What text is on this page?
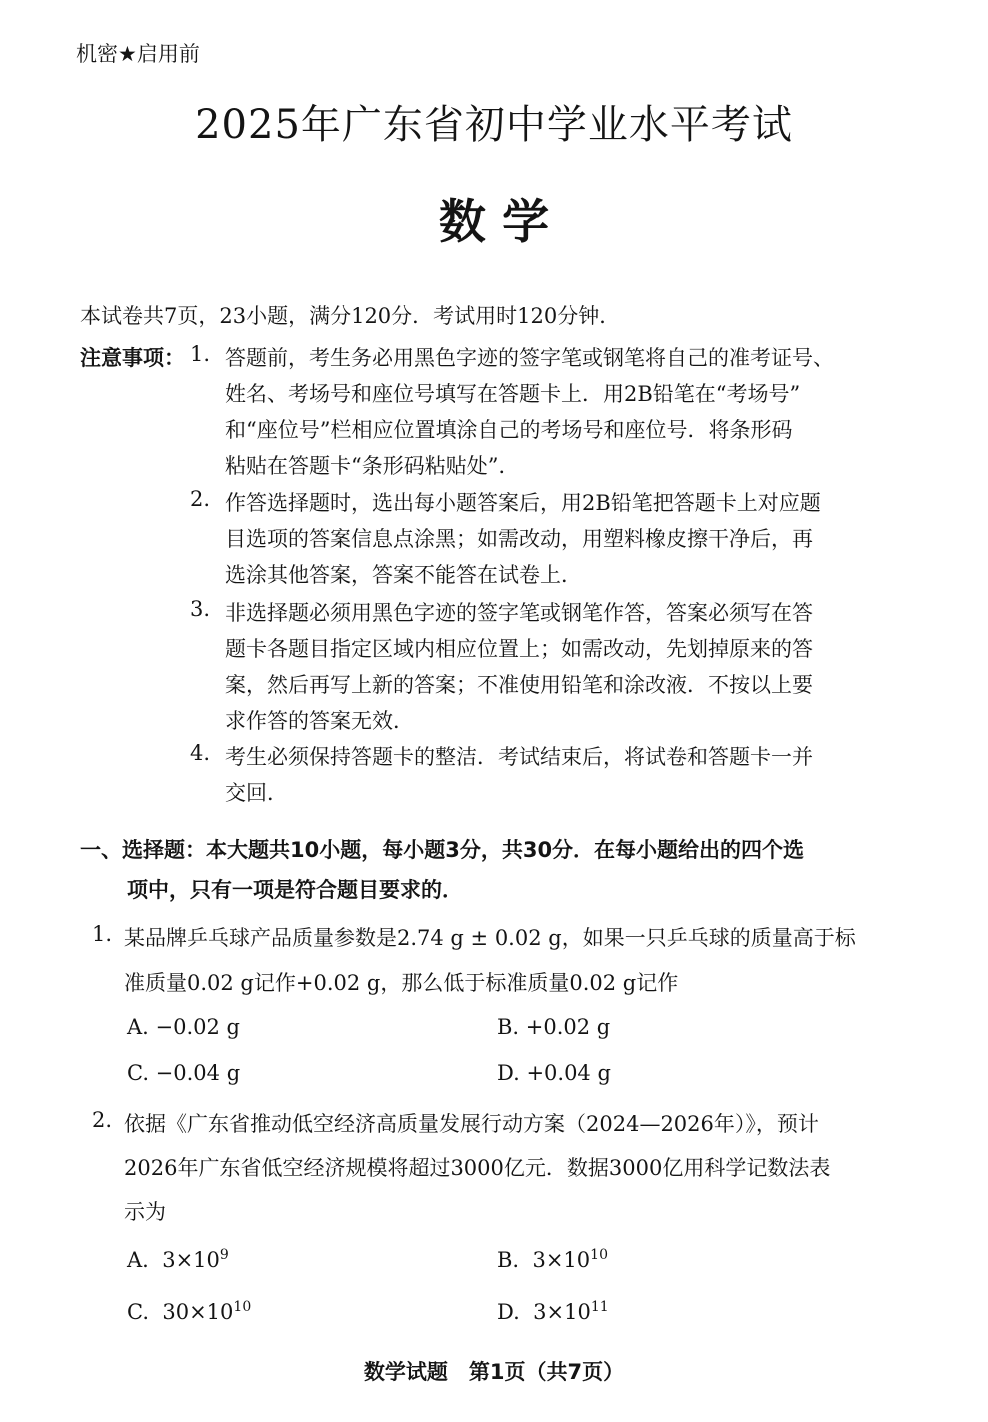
机密★启用前
2025年广东省初中学业水平考试
数 学
本试卷共7页，23小题，满分120分．考试用时120分钟．
注意事项： 1. 答题前，考生务必用黑色字迹的签字笔或钢笔将自己的准考证号、
姓名、考场号和座位号填写在答题卡上．用2B铅笔在“考场号”
和“座位号”栏相应位置填涂自己的考场号和座位号．将条形码
粘贴在答题卡“条形码粘贴处”．
2. 作答选择题时，选出每小题答案后，用2B铅笔把答题卡上对应题
目选项的答案信息点涂黑；如需改动，用塑料橡皮擦干净后，再
选涂其他答案，答案不能答在试卷上．
3. 非选择题必须用黑色字迹的签字笔或钢笔作答，答案必须写在答
题卡各题目指定区域内相应位置上；如需改动，先划掉原来的答
案，然后再写上新的答案；不准使用铅笔和涂改液．不按以上要
求作答的答案无效．
4. 考生必须保持答题卡的整洁．考试结束后，将试卷和答题卡一并
交回．
一、选择题：本大题共10小题，每小题3分，共30分．在每小题给出的四个选
项中，只有一项是符合题目要求的．
1. 某品牌乒乓球产品质量参数是2.74 g ± 0.02 g，如果一只乒乓球的质量高于标
准质量0.02 g记作+0.02 g，那么低于标准质量0.02 g记作
A. −0.02 g	B. +0.02 g
C. −0.04 g	D. +0.04 g
2. 依据《广东省推动低空经济高质量发展行动方案（2024—2026年）》，预计
2026年广东省低空经济规模将超过3000亿元．数据3000亿用科学记数法表
示为
A. $3\times 10^9$	B. $3\times 10^{10}$
C. $30\times 10^{10}$	D. $3\times 10^{11}$
数学试题　第1页（共7页）
